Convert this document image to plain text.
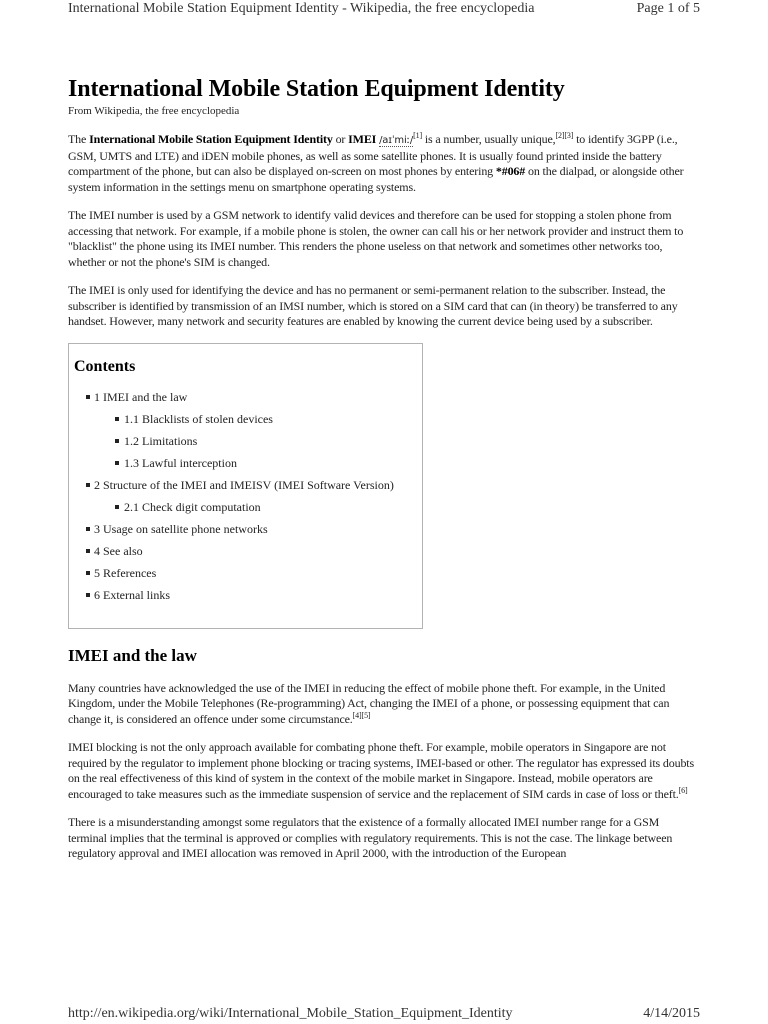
International Mobile Station Equipment Identity - Wikipedia, the free encyclopedia	Page 1 of 5
International Mobile Station Equipment Identity
From Wikipedia, the free encyclopedia

The International Mobile Station Equipment Identity or IMEI /aɪˈmiː/[1] is a number, usually unique,[2][3] to identify 3GPP (i.e., GSM, UMTS and LTE) and iDEN mobile phones, as well as some satellite phones. It is usually found printed inside the battery compartment of the phone, but can also be displayed on-screen on most phones by entering *#06# on the dialpad, or alongside other system information in the settings menu on smartphone operating systems.

The IMEI number is used by a GSM network to identify valid devices and therefore can be used for stopping a stolen phone from accessing that network. For example, if a mobile phone is stolen, the owner can call his or her network provider and instruct them to "blacklist" the phone using its IMEI number. This renders the phone useless on that network and sometimes other networks too, whether or not the phone's SIM is changed.

The IMEI is only used for identifying the device and has no permanent or semi-permanent relation to the subscriber. Instead, the subscriber is identified by transmission of an IMSI number, which is stored on a SIM card that can (in theory) be transferred to any handset. However, many network and security features are enabled by knowing the current device being used by a subscriber.

Contents
1 IMEI and the law
1.1 Blacklists of stolen devices
1.2 Limitations
1.3 Lawful interception
2 Structure of the IMEI and IMEISV (IMEI Software Version)
2.1 Check digit computation
3 Usage on satellite phone networks
4 See also
5 References
6 External links
IMEI and the law

Many countries have acknowledged the use of the IMEI in reducing the effect of mobile phone theft. For example, in the United Kingdom, under the Mobile Telephones (Re-programming) Act, changing the IMEI of a phone, or possessing equipment that can change it, is considered an offence under some circumstance.[4][5]

IMEI blocking is not the only approach available for combating phone theft. For example, mobile operators in Singapore are not required by the regulator to implement phone blocking or tracing systems, IMEI-based or other. The regulator has expressed its doubts on the real effectiveness of this kind of system in the context of the mobile market in Singapore. Instead, mobile operators are encouraged to take measures such as the immediate suspension of service and the replacement of SIM cards in case of loss or theft.[6]

There is a misunderstanding amongst some regulators that the existence of a formally allocated IMEI number range for a GSM terminal implies that the terminal is approved or complies with regulatory requirements. This is not the case. The linkage between regulatory approval and IMEI allocation was removed in April 2000, with the introduction of the European

http://en.wikipedia.org/wiki/International_Mobile_Station_Equipment_Identity	4/14/2015
